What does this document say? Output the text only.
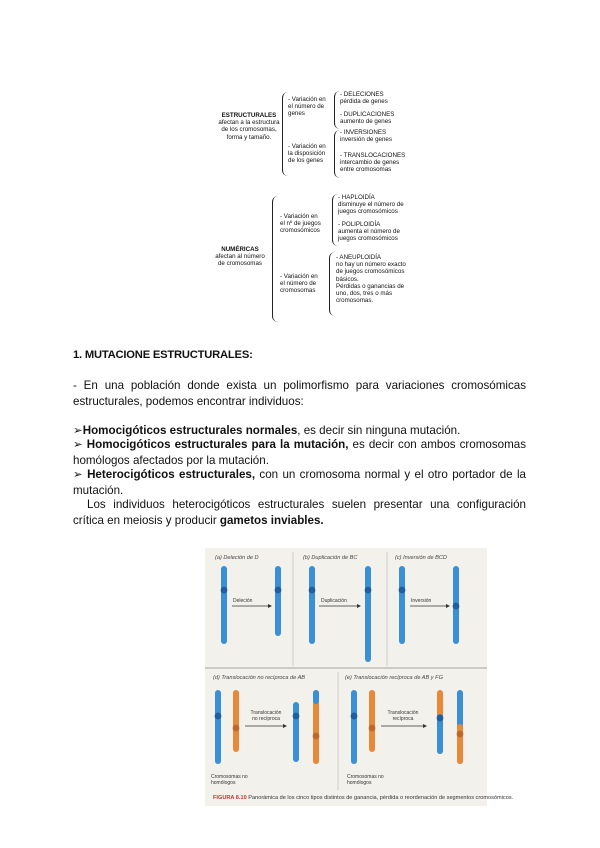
ESTRUCTURALES
afectan a la estructura
de los cromosomas,
forma y tamaño.
- Variación en
el número de
genes
- DELECIONES
pérdida de genes
- DUPLICACIONES
aumento de genes
- Variación en
la disposición
de los genes
- INVERSIONES
inversión de genes
- TRANSLOCACIONES
intercambio de genes
entre cromosomas
NUMÉRICAS
afectan al número
de cromosomas
- Variación en
el nº de juegos
cromosómicos
- HAPLOIDÍA
disminuye el número de
juegos cromosómicos
- POLIPLOIDÍA
aumenta el número de
juegos cromosómicos
- Variación en
el número de
cromosomas
- ANEUPLOIDÍA
no hay un número exacto
de juegos cromosómicos
básicos.
Pérdidas o ganancias de
uno, dos, tres o más
cromosomas.
1. MUTACIONE ESTRUCTURALES:
- En una población donde exista un polimorfismo para variaciones cromosómicas estructurales, podemos encontrar individuos:
➢Homocigóticos estructurales normales, es decir sin ninguna mutación.
➢ Homocigóticos estructurales para la mutación, es decir con ambos cromosomas homólogos afectados por la mutación.
➢ Heterocigóticos estructurales, con un cromosoma normal y el otro portador de la mutación.
Los individuos heterocigóticos estructurales suelen presentar una configuración crítica en meiosis y producir gametos inviables.
(a) Deleción de D	(b) Duplicación de BC	(c) Inversión de BCD
(d) Translocación no recíproca de AB	(e) Translocación recíproca de AB y FG
Deleción	Duplicación	Inversión
Translocación no recíproca
Translocación recíproca
Cromosomas no homólogos
Cromosomas no homólogos
FIGURA 8.10 Panorámica de los cinco tipos distintos de ganancia, pérdida o reordenación de segmentos cromosómicos.
